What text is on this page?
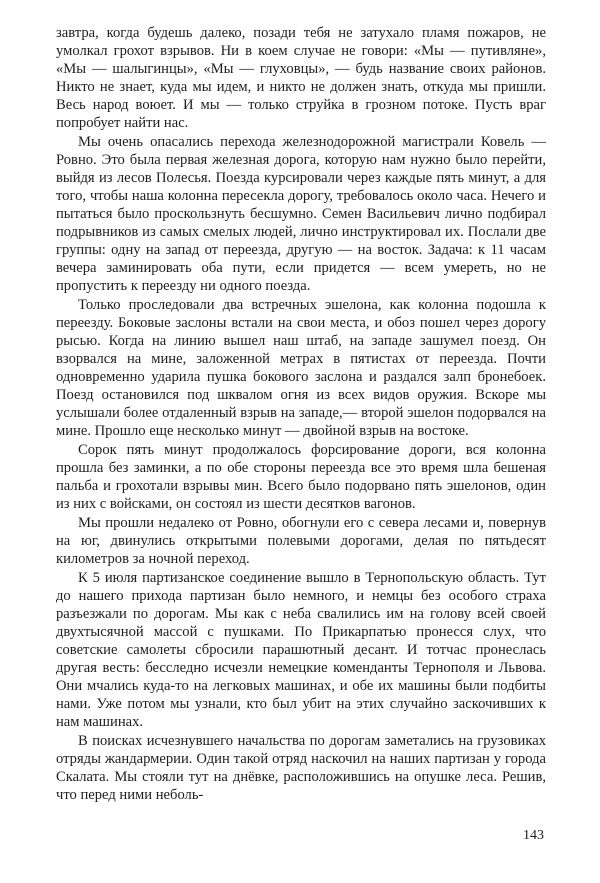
завтра, когда будешь далеко, позади тебя не затухало пламя пожаров, не умолкал грохот взрывов. Ни в коем случае не говори: «Мы — путивляне», «Мы — шалыгинцы», «Мы — глуховцы», — будь название своих районов. Никто не знает, куда мы идем, и никто не должен знать, откуда мы пришли. Весь народ воюет. И мы — только струйка в грозном потоке. Пусть враг попробует найти нас.

Мы очень опасались перехода железнодорожной магистрали Ковель — Ровно. Это была первая железная дорога, которую нам нужно было перейти, выйдя из лесов Полесья. Поезда курсировали через каждые пять минут, а для того, чтобы наша колонна пересекла дорогу, требовалось около часа. Нечего и пытаться было проскользнуть бесшумно. Семен Васильевич лично подбирал подрывников из самых смелых людей, лично инструктировал их. Послали две группы: одну на запад от переезда, другую — на восток. Задача: к 11 часам вечера заминировать оба пути, если придется — всем умереть, но не пропустить к переезду ни одного поезда.

Только проследовали два встречных эшелона, как колонна подошла к переезду. Боковые заслоны встали на свои места, и обоз пошел через дорогу рысью. Когда на линию вышел наш штаб, на западе зашумел поезд. Он взорвался на мине, заложенной метрах в пятистах от переезда. Почти одновременно ударила пушка бокового заслона и раздался залп бронебоек. Поезд остановился под шквалом огня из всех видов оружия. Вскоре мы услышали более отдаленный взрыв на западе,— второй эшелон подорвался на мине. Прошло еще несколько минут — двойной взрыв на востоке.

Сорок пять минут продолжалось форсирование дороги, вся колонна прошла без заминки, а по обе стороны переезда все это время шла бешеная пальба и грохотали взрывы мин. Всего было подорвано пять эшелонов, один из них с войсками, он состоял из шести десятков вагонов.

Мы прошли недалеко от Ровно, обогнули его с севера лесами и, повернув на юг, двинулись открытыми полевыми дорогами, делая по пятьдесят километров за ночной переход.

К 5 июля партизанское соединение вышло в Тернопольскую область. Тут до нашего прихода партизан было немного, и немцы без особого страха разъезжали по дорогам. Мы как с неба свалились им на голову всей своей двухтысячной массой с пушками. По Прикарпатью пронесся слух, что советские самолеты сбросили парашютный десант. И тотчас пронеслась другая весть: бесследно исчезли немецкие коменданты Тернополя и Львова. Они мчались куда-то на легковых машинах, и обе их машины были подбиты нами. Уже потом мы узнали, кто был убит на этих случайно заскочивших к нам машинах.

В поисках исчезнувшего начальства по дорогам заметались на грузовиках отряды жандармерии. Один такой отряд наскочил на наших партизан у города Скалата. Мы стояли тут на днёвке, расположившись на опушке леса. Решив, что перед ними неболь-

143
